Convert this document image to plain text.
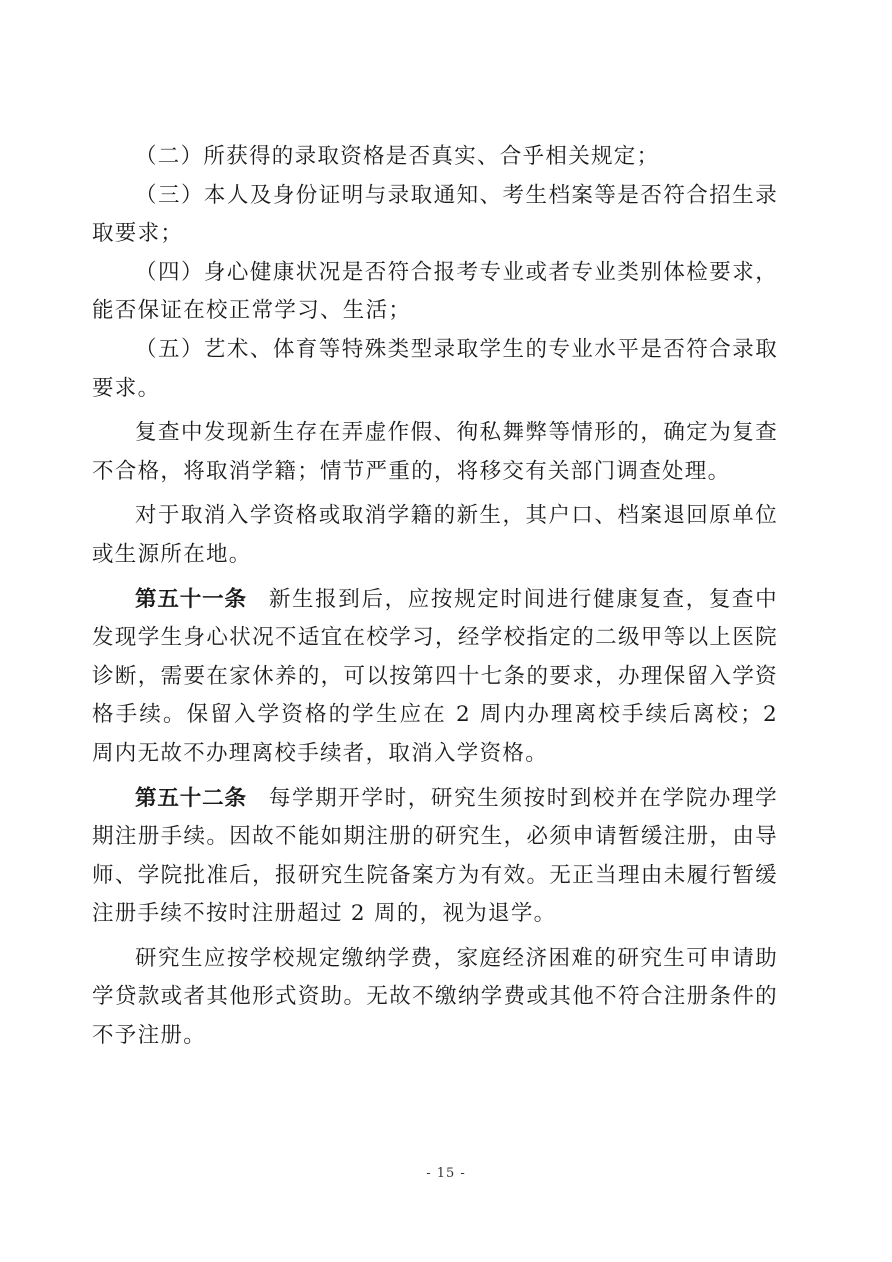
（二）所获得的录取资格是否真实、合乎相关规定；

（三）本人及身份证明与录取通知、考生档案等是否符合招生录取要求；

（四）身心健康状况是否符合报考专业或者专业类别体检要求，能否保证在校正常学习、生活；

（五）艺术、体育等特殊类型录取学生的专业水平是否符合录取要求。

复查中发现新生存在弄虚作假、徇私舞弊等情形的，确定为复查不合格，将取消学籍；情节严重的，将移交有关部门调查处理。

对于取消入学资格或取消学籍的新生，其户口、档案退回原单位或生源所在地。

第五十一条 新生报到后，应按规定时间进行健康复查，复查中发现学生身心状况不适宜在校学习，经学校指定的二级甲等以上医院诊断，需要在家休养的，可以按第四十七条的要求，办理保留入学资格手续。保留入学资格的学生应在 2 周内办理离校手续后离校；2 周内无故不办理离校手续者，取消入学资格。

第五十二条 每学期开学时，研究生须按时到校并在学院办理学期注册手续。因故不能如期注册的研究生，必须申请暂缓注册，由导师、学院批准后，报研究生院备案方为有效。无正当理由未履行暂缓注册手续不按时注册超过 2 周的，视为退学。

研究生应按学校规定缴纳学费，家庭经济困难的研究生可申请助学贷款或者其他形式资助。无故不缴纳学费或其他不符合注册条件的不予注册。

- 15 -
